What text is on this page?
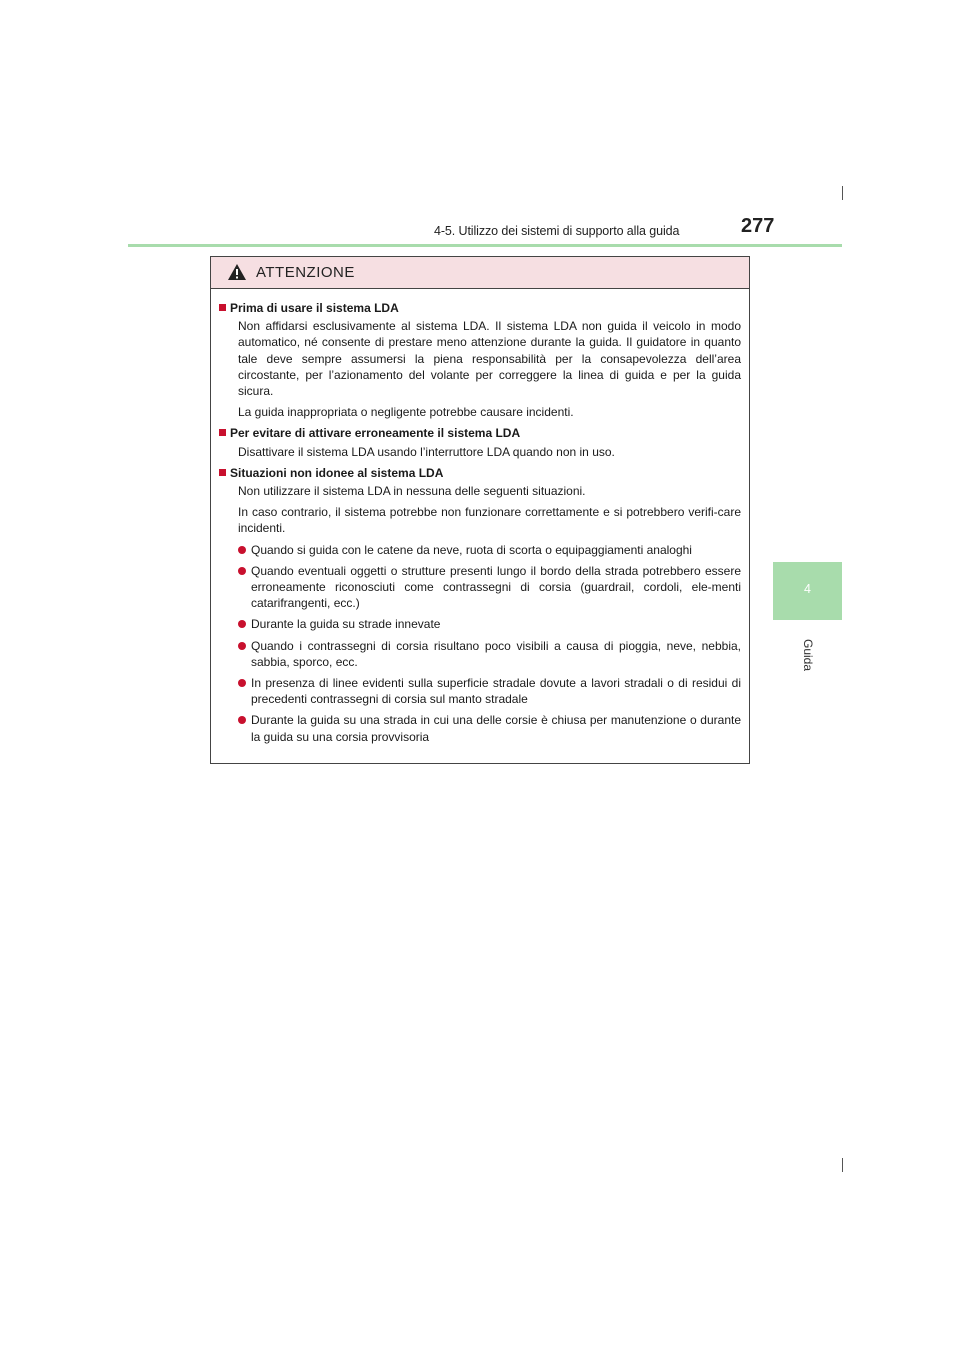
4-5. Utilizzo dei sistemi di supporto alla guida	277
4
Guida
ATTENZIONE
Prima di usare il sistema LDA
Non affidarsi esclusivamente al sistema LDA. Il sistema LDA non guida il veicolo in modo automatico, né consente di prestare meno attenzione durante la guida. Il guidatore in quanto tale deve sempre assumersi la piena responsabilità per la consapevolezza dell’area circostante, per l’azionamento del volante per correggere la linea di guida e per la guida sicura.
La guida inappropriata o negligente potrebbe causare incidenti.
Per evitare di attivare erroneamente il sistema LDA
Disattivare il sistema LDA usando l’interruttore LDA quando non in uso.
Situazioni non idonee al sistema LDA
Non utilizzare il sistema LDA in nessuna delle seguenti situazioni.
In caso contrario, il sistema potrebbe non funzionare correttamente e si potrebbero verifi-care incidenti.
Quando si guida con le catene da neve, ruota di scorta o equipaggiamenti analoghi
Quando eventuali oggetti o strutture presenti lungo il bordo della strada potrebbero essere erroneamente riconosciuti come contrassegni di corsia (guardrail, cordoli, ele-menti catarifrangenti, ecc.)
Durante la guida su strade innevate
Quando i contrassegni di corsia risultano poco visibili a causa di pioggia, neve, nebbia, sabbia, sporco, ecc.
In presenza di linee evidenti sulla superficie stradale dovute a lavori stradali o di residui di precedenti contrassegni di corsia sul manto stradale
Durante la guida su una strada in cui una delle corsie è chiusa per manutenzione o durante la guida su una corsia provvisoria
